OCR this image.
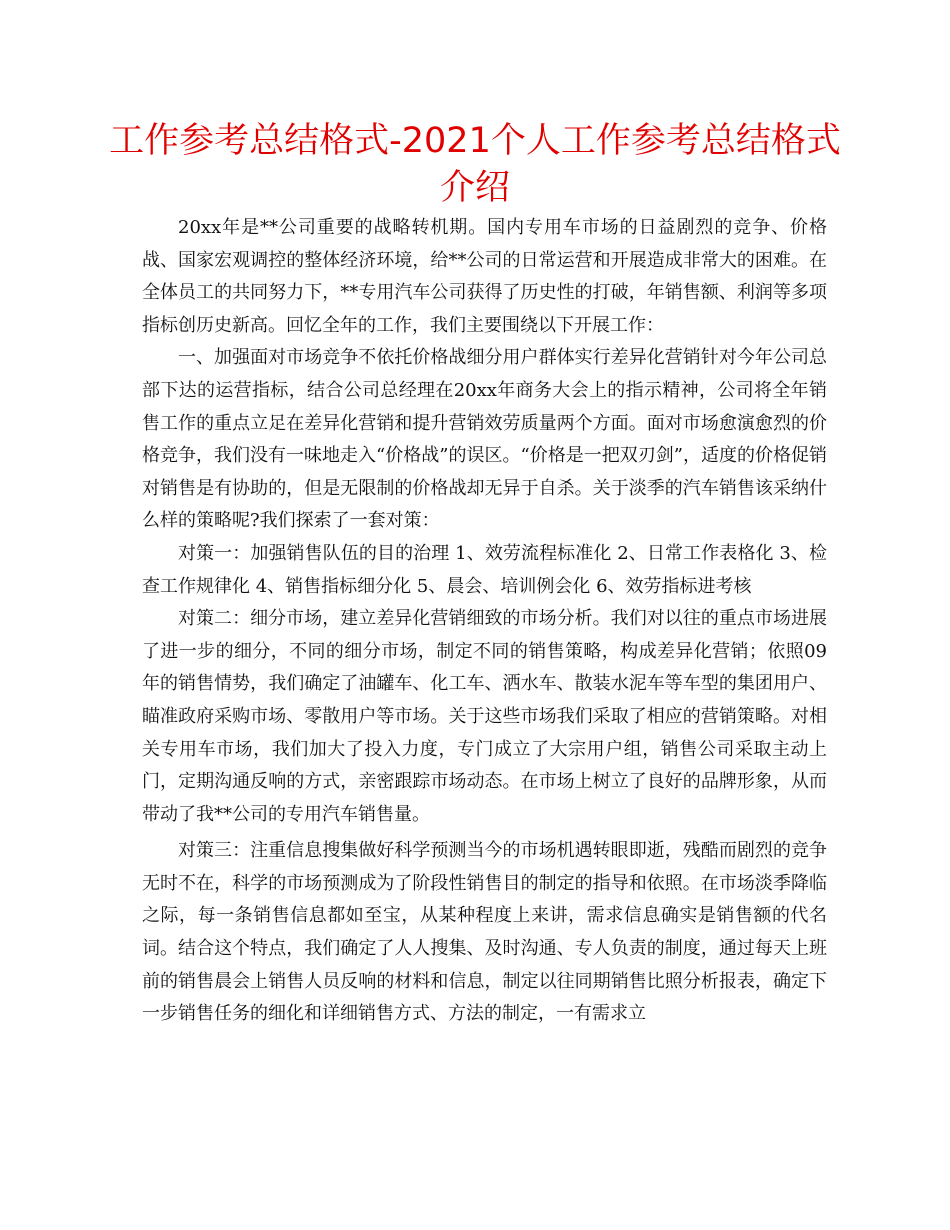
工作参考总结格式-2021个人工作参考总结格式
介绍

20xx年是**公司重要的战略转机期。国内专用车市场的日益剧烈的竞争、价格战、国家宏观调控的整体经济环境，给**公司的日常运营和开展造成非常大的困难。在全体员工的共同努力下，**专用汽车公司获得了历史性的打破，年销售额、利润等多项指标创历史新高。回忆全年的工作，我们主要围绕以下开展工作：

一、加强面对市场竞争不依托价格战细分用户群体实行差异化营销针对今年公司总部下达的运营指标，结合公司总经理在20xx年商务大会上的指示精神，公司将全年销售工作的重点立足在差异化营销和提升营销效劳质量两个方面。面对市场愈演愈烈的价格竞争，我们没有一味地走入“价格战”的误区。“价格是一把双刃剑”，适度的价格促销对销售是有协助的，但是无限制的价格战却无异于自杀。关于淡季的汽车销售该采纳什么样的策略呢?我们探索了一套对策：

对策一：加强销售队伍的目的治理 1、效劳流程标准化 2、日常工作表格化 3、检查工作规律化 4、销售指标细分化 5、晨会、培训例会化 6、效劳指标进考核

对策二：细分市场，建立差异化营销细致的市场分析。我们对以往的重点市场进展了进一步的细分，不同的细分市场，制定不同的销售策略，构成差异化营销；依照09年的销售情势，我们确定了油罐车、化工车、洒水车、散装水泥车等车型的集团用户、瞄准政府采购市场、零散用户等市场。关于这些市场我们采取了相应的营销策略。对相关专用车市场，我们加大了投入力度，专门成立了大宗用户组，销售公司采取主动上门，定期沟通反响的方式，亲密跟踪市场动态。在市场上树立了良好的品牌形象，从而带动了我**公司的专用汽车销售量。

对策三：注重信息搜集做好科学预测当今的市场机遇转眼即逝，残酷而剧烈的竞争无时不在，科学的市场预测成为了阶段性销售目的制定的指导和依照。在市场淡季降临之际，每一条销售信息都如至宝，从某种程度上来讲，需求信息确实是销售额的代名词。结合这个特点，我们确定了人人搜集、及时沟通、专人负责的制度，通过每天上班前的销售晨会上销售人员反响的材料和信息，制定以往同期销售比照分析报表，确定下一步销售任务的细化和详细销售方式、方法的制定，一有需求立
